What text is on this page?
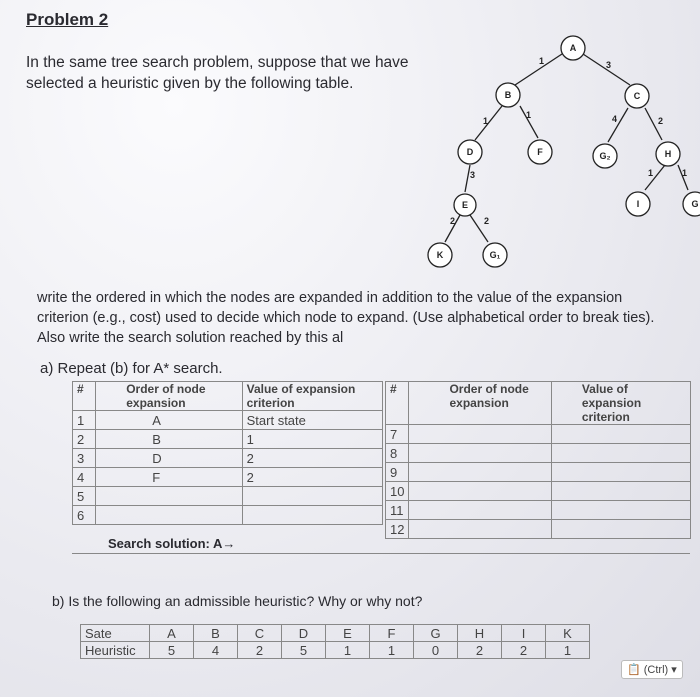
Problem 2
In the same tree search problem, suppose that we have selected a heuristic given by the following table.
A
B	C
D
E
F	G₂	H
I
K	G₁
G
1	3
1
1	4	2
3
2	2
1	1
write the ordered in which the nodes are expanded in addition to the value of the expansion criterion (e.g., cost) used to decide which node to expand. (Use alphabetical order to break ties). Also write the search solution reached by this al
a) Repeat (b) for A* search.
#	Order of node expansion	Value of expansion criterion
1	A	Start state
2	B	1
3	D	2
4	F	2
5		
6		
#	Order of node expansion	Value of expansion criterion
7		
8		
9		
10		
11		
12		
Search solution: A→
b) Is the following an admissible heuristic? Why or why not?
Sate	A	B	C	D	E	F	G	H	I	K
Heuristic	5	4	2	5	1	1	0	2	2	1
📋 (Ctrl) ▾
